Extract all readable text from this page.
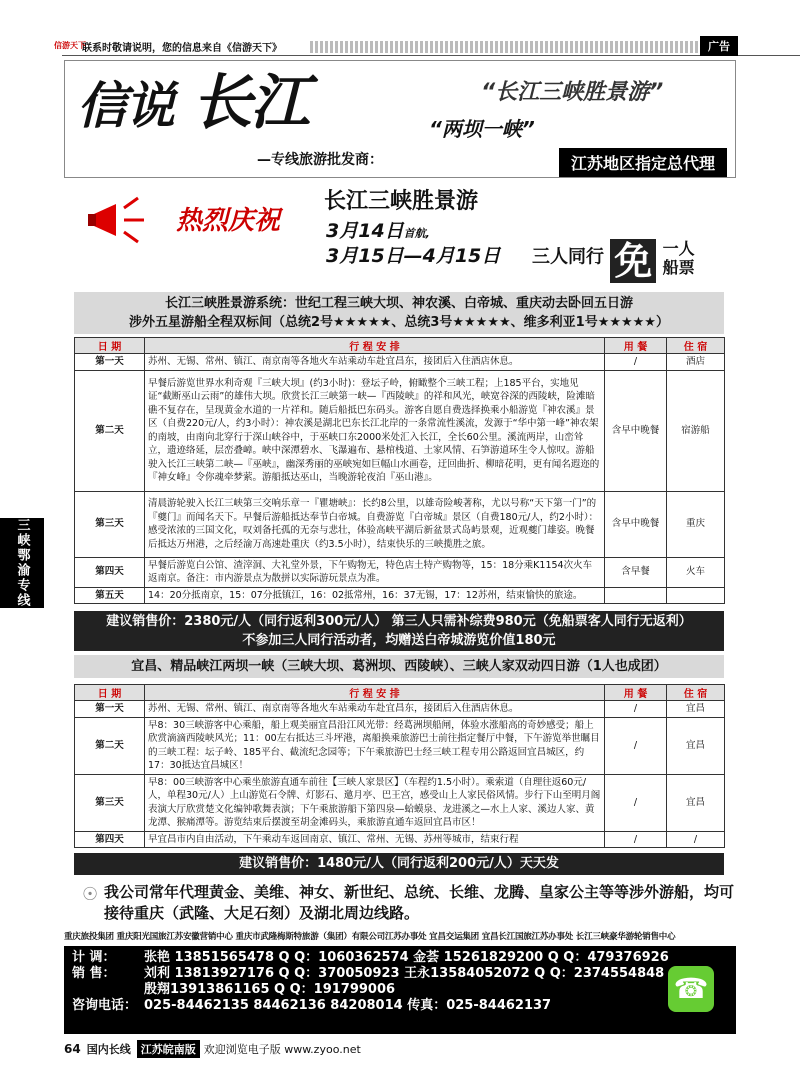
信游天下
联系时敬请说明，您的信息来自《信游天下》	广告
信说 长江
—专线旅游批发商：
“长江三峡胜景游”
“两坝一峡”
江苏地区指定总代理
热烈庆祝
长江三峡胜景游
3月14日首航,
3月15日—4月15日 三人同行 免 一人
船票
三峡鄂渝专线
长江三峡胜景游系统：世纪工程三峡大坝、神农溪、白帝城、重庆动去卧回五日游
涉外五星游船全程双标间（总统2号★★★★★、总统3号★★★★★、维多利亚1号★★★★★）
日 期	行 程 安 排	用 餐	住 宿
第一天	苏州、无锡、常州、镇江、南京南等各地火车站乘动车赴宜昌东，接团后入住酒店休息。	/	酒店
第二天	早餐后游览世界水利奇观『三峡大坝』(约3小时)：登坛子岭，俯瞰整个三峡工程；上185平台，实地见证“截断巫山云雨”的雄伟大坝。欣赏长江三峡第一峡—『西陵峡』的祥和风光，峡宽谷深的西陵峡，险滩暗礁不复存在，呈现黄金水道的一片祥和。随后船抵巴东码头。游客自愿自费选择换乘小船游览『神农溪』景区（自费220元/人，约3小时）：神农溪是湖北巴东长江北岸的一条常流性溪流，发源于“华中第一峰”神农架的南坡，由南向北穿行于深山峡谷中，于巫峡口东2000米处汇入长江，全长60公里。溪流两岸，山峦耸立，遗迹络延，层峦叠嶂。峡中深潭碧水、飞瀑遍布、悬棺栈道、土家风情、石笋游道环生令人惊叹。游船驶入长江三峡第二峡—『巫峡』，幽深秀丽的巫峡宛如巨幅山水画卷，迂回曲折、柳暗花明，更有闻名遐迩的『神女峰』令你魂牵梦萦。游船抵达巫山，当晚游轮夜泊『巫山港』。	含早中晚餐	宿游船
第三天	清晨游轮驶入长江三峡第三交响乐章一『瞿塘峡』：长约8公里，以雄奇险峻著称，尤以号称“天下第一门”的『夔门』而闻名天下。早餐后游船抵达奉节白帝城。自费游览『白帝城』景区（自费180元/人，约2小时）：感受浓浓的三国文化，叹刘备托孤的无奈与悲壮，体验高峡平湖后新盆景式岛屿景观，近观夔门雄姿。晚餐后抵达万州港，之后经渝万高速赴重庆（约3.5小时），结束快乐的三峡揽胜之旅。	含早中晚餐	重庆
第四天	早餐后游览白公馆、渣滓洞、大礼堂外景，下午购物无，特色店土特产购物等，15：18分乘K1154次火车返南京。备注：市内游景点为散拼以实际游玩景点为准。	含早餐	火车
第五天	14：20分抵南京，15：07分抵镇江，16：02抵常州，16：37无锡，17：12苏州，结束愉快的旅途。		
建议销售价：2380元/人（同行返利300元/人） 第三人只需补综费980元（免船票客人同行无返利）
不参加三人同行活动者，均赠送白帝城游览价值180元
宜昌、精品峡江两坝一峡（三峡大坝、葛洲坝、西陵峡）、三峡人家双动四日游（1人也成团）
日 期	行 程 安 排	用 餐	住 宿
第一天	苏州、无锡、常州、镇江、南京南等各地火车站乘动车赴宜昌东，接团后入住酒店休息。	/	宜昌
第二天	早8：30三峡游客中心乘船，船上观美丽宜昌沿江风光带：经葛洲坝船闸，体验水涨船高的奇妙感受；船上欣赏滴滴西陵峡风光；11：00左右抵达三斗坪港，离船换乘旅游巴士前往指定餐厅中餐，下午游览举世瞩目的三峡工程：坛子岭、185平台、截流纪念园等；下午乘旅游巴士经三峡工程专用公路返回宜昌城区，约17：30抵达宜昌城区！	/	宜昌
第三天	早8：00三峡游客中心乘坐旅游直通车前往【三峡人家景区】（车程约1.5小时）。乘索道（自理往返60元/人，单程30元/人）上山游览石令牌、灯影石、邀月亭、巴王宫，感受山上人家民俗风情。步行下山至明月阁表演大厅欣赏楚文化编钟歌舞表演；下午乘旅游船下第四泉—蛤蟆泉、龙进溪之—水上人家、溪边人家、黄龙潭、猴痛潭等。游览结束后摆渡至胡金滩码头，乘旅游直通车返回宜昌市区！	/	宜昌
第四天	早宜昌市内自由活动，下午乘动车返回南京、镇江、常州、无锡、苏州等城市，结束行程	/	/
建议销售价：1480元/人（同行返利200元/人）天天发
☉ 我公司常年代理黄金、美维、神女、新世纪、总统、长维、龙腾、皇家公主等等涉外游船，均可接待重庆（武隆、大足石刻）及湖北周边线路。
重庆旅投集团 重庆阳光国旅江苏安徽营销中心 重庆市武隆梅斯特旅游（集团）有限公司江苏办事处 宜昌交运集团 宜昌长江国旅江苏办事处 长江三峡豪华游轮销售中心
计 调：	张艳 13851565478 Q Q：1060362574 金荟 15261829200 Q Q：479376926
销 售：	刘利 13813927176 Q Q：370050923 王永13584052072 Q Q：2374554848
殷翔13913861165 Q Q：191799006
咨询电话： 025-84462135 84462136 84208014 传真：025-84462137
☎
64 国内长线 江苏皖南版 欢迎浏览电子版 www.zyoo.net
